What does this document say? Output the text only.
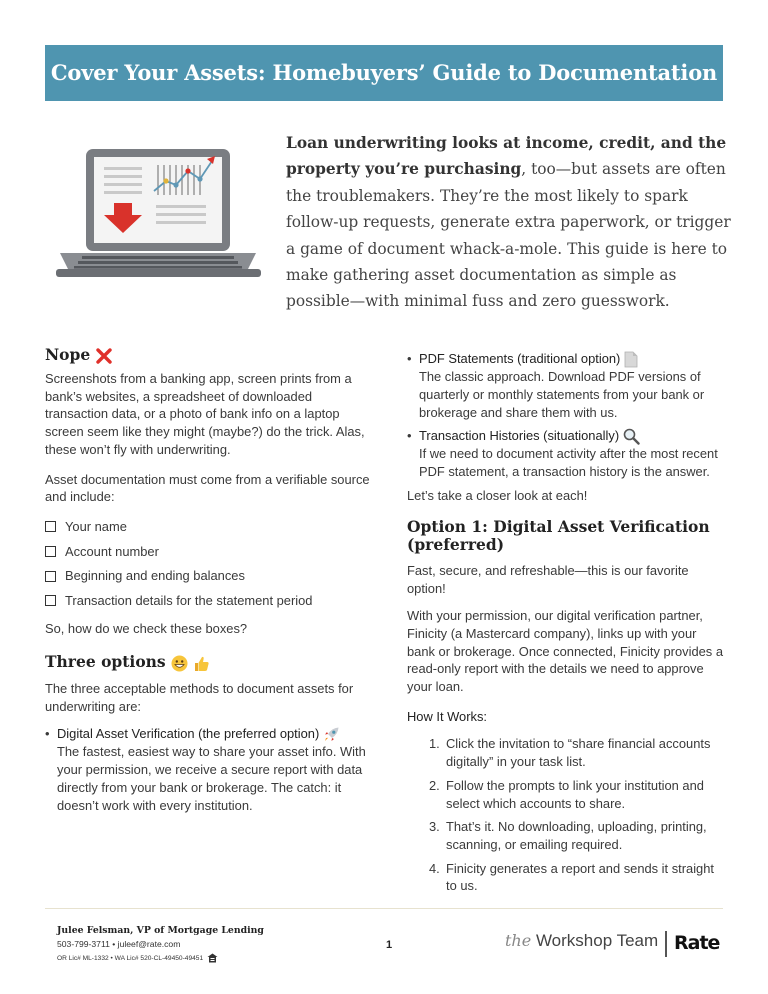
Cover Your Assets: Homebuyers’ Guide to Documentation
Loan underwriting looks at income, credit, and the property you’re purchasing, too—but assets are often the troublemakers. They’re the most likely to spark follow-up requests, generate extra paperwork, or trigger a game of document whack-a-mole. This guide is here to make gathering asset documentation as simple as possible—with minimal fuss and zero guesswork.
Nope

Screenshots from a banking app, screen prints from a bank’s websites, a spreadsheet of downloaded transaction data, or a photo of bank info on a laptop screen seem like they might (maybe?) do the trick. Alas, these won’t fly with underwriting.

Asset documentation must come from a verifiable source and include:

Your name
Account number
Beginning and ending balances
Transaction details for the statement period

So, how do we check these boxes?

Three options

The three acceptable methods to document assets for underwriting are:

• Digital Asset Verification (the preferred option)
The fastest, easiest way to share your asset info. With your permission, we receive a secure report with data directly from your bank or brokerage. The catch: it doesn’t work with every institution.
• PDF Statements (traditional option)
The classic approach. Download PDF versions of quarterly or monthly statements from your bank or brokerage and share them with us.
• Transaction Histories (situationally)
If we need to document activity after the most recent PDF statement, a transaction history is the answer.

Let’s take a closer look at each!

Option 1: Digital Asset Verification (preferred)

Fast, secure, and refreshable—this is our favorite option!

With your permission, our digital verification partner, Finicity (a Mastercard company), links up with your bank or brokerage. Once connected, Finicity provides a read-only report with the details we need to approve your loan.

How It Works:

1. Click the invitation to “share financial accounts digitally” in your task list.
2. Follow the prompts to link your institution and select which accounts to share.
3. That’s it. No downloading, uploading, printing, scanning, or emailing required.
4. Finicity generates a report and sends it straight to us.
Julee Felsman, VP of Mortgage Lending
503-799-3711 • juleef@rate.com
OR Lic# ML-1332 • WA Lic# 520-CL-49450-49451
1	the Workshop Team Rate
